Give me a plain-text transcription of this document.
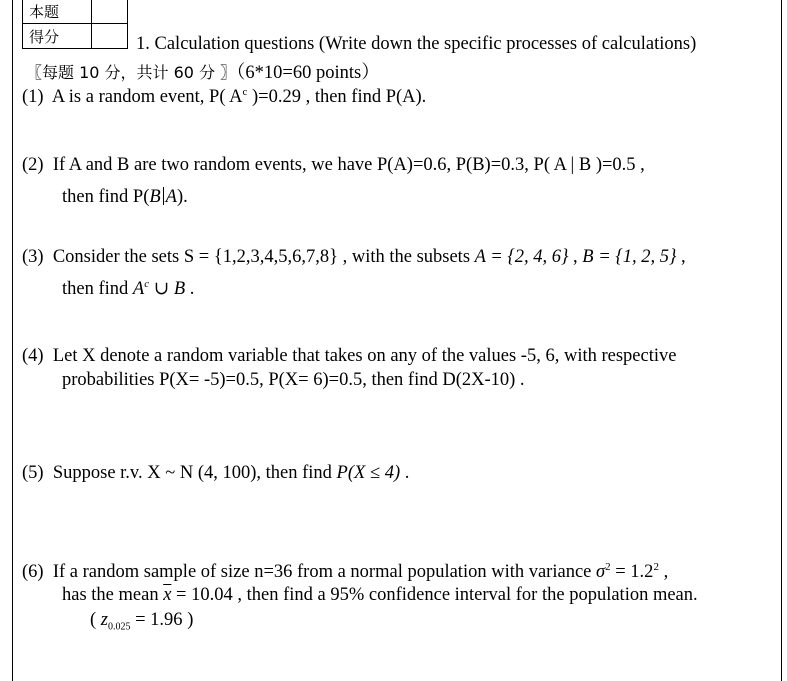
本题	
得分		1. Calculation questions (Write down the specific processes of calculations)
〖每题 10 分，共计 60 分 〗（6*10=60 points）
(1) A is a random event, P( $A^c$ )=0.29 , then find P(A).
(2) If A and B are two random events, we have P(A)=0.6, P(B)=0.3, P( A | B )=0.5 ,
then find P(B A).
(3) Consider the sets S = {1,2,3,4,5,6,7,8} , with the subsets A = {2, 4, 6} , B = {1, 2, 5} ,
then find $A^c$ ∪ B .
(4) Let X denote a random variable that takes on any of the values -5, 6, with respective
probabilities P(X= -5)=0.5, P(X= 6)=0.5, then find D(2X-10) .
(5) Suppose r.v. X ~ N (4, 100), then find P(X ≤ 4) .
(6) If a random sample of size n=36 from a normal population with variance $\sigma^2 = 1.2^2$ ,
has the mean $\overline{x} = 10.04$ , then find a 95% confidence interval for the population mean.
( $z_{0.025} = 1.96$ )
